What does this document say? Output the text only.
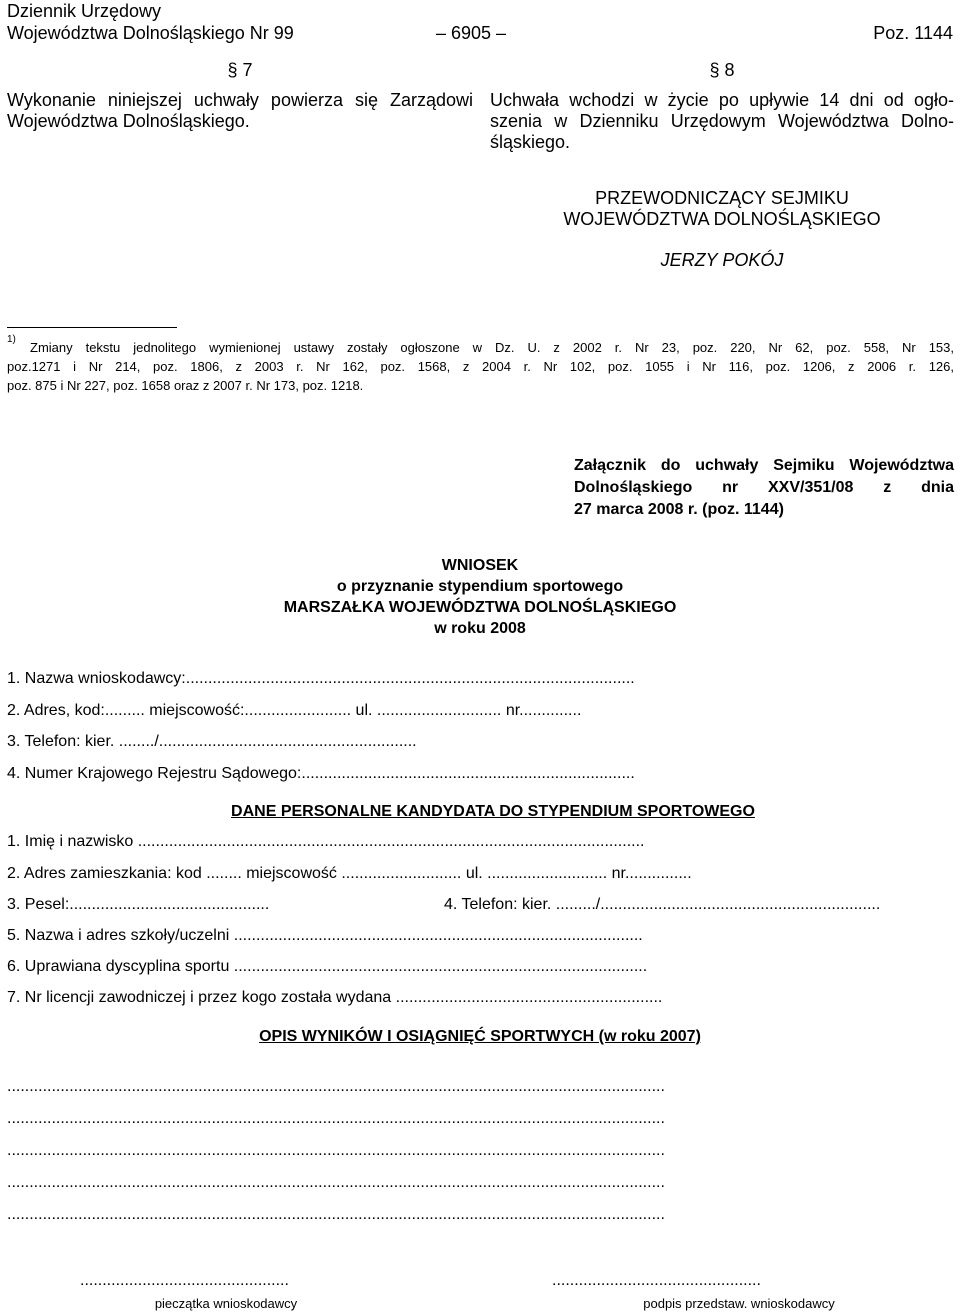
Dziennik Urzędowy
Województwa Dolnośląskiego Nr 99	– 6905 –	Poz. 1144
§ 7
Wykonanie niniejszej uchwały powierza się Zarządowi
Województwa Dolnośląskiego.
§ 8
Uchwała wchodzi w życie po upływie 14 dni od ogło-
szenia w Dzienniku Urzędowym Województwa Dolno-
śląskiego.
PRZEWODNICZĄCY SEJMIKU
WOJEWÓDZTWA DOLNOŚLĄSKIEGO
JERZY POKÓJ
1)
Zmiany tekstu jednolitego wymienionej ustawy zostały ogłoszone w Dz. U. z 2002 r. Nr 23, poz. 220, Nr 62, poz. 558, Nr 153,
poz.1271 i Nr 214, poz. 1806, z 2003 r. Nr 162, poz. 1568, z 2004 r. Nr 102, poz. 1055 i Nr 116, poz. 1206, z 2006 r. 126,
poz. 875 i Nr 227, poz. 1658 oraz z 2007 r. Nr 173, poz. 1218.
Załącznik do uchwały Sejmiku Województwa
Dolnośląskiego nr XXV/351/08 z dnia
27 marca 2008 r. (poz. 1144)
WNIOSEK
o przyznanie stypendium sportowego
MARSZAŁKA WOJEWÓDZTWA DOLNOŚLĄSKIEGO
w roku 2008
1. Nazwa wnioskodawcy:.....................................................................................................
2. Adres, kod:......... miejscowość:........................ ul. ............................ nr..............
3. Telefon: kier. ......../..........................................................
4. Numer Krajowego Rejestru Sądowego:...........................................................................
DANE PERSONALNE KANDYDATA DO STYPENDIUM SPORTOWEGO
1. Imię i nazwisko ..................................................................................................................
2. Adres zamieszkania: kod ........ miejscowość ........................... ul. ........................... nr...............
3. Pesel:.............................................	4. Telefon: kier. ........./...............................................................
5. Nazwa i adres szkoły/uczelni ............................................................................................
6. Uprawiana dyscyplina sportu .............................................................................................
7. Nr licencji zawodniczej i przez kogo została wydana ............................................................
OPIS WYNIKÓW I OSIĄGNIĘĆ SPORTWYCH (w roku 2007)
....................................................................................................................................................
....................................................................................................................................................
....................................................................................................................................................
....................................................................................................................................................
....................................................................................................................................................
...............................................
pieczątka wnioskodawcy
...............................................
podpis przedstaw. wnioskodawcy
